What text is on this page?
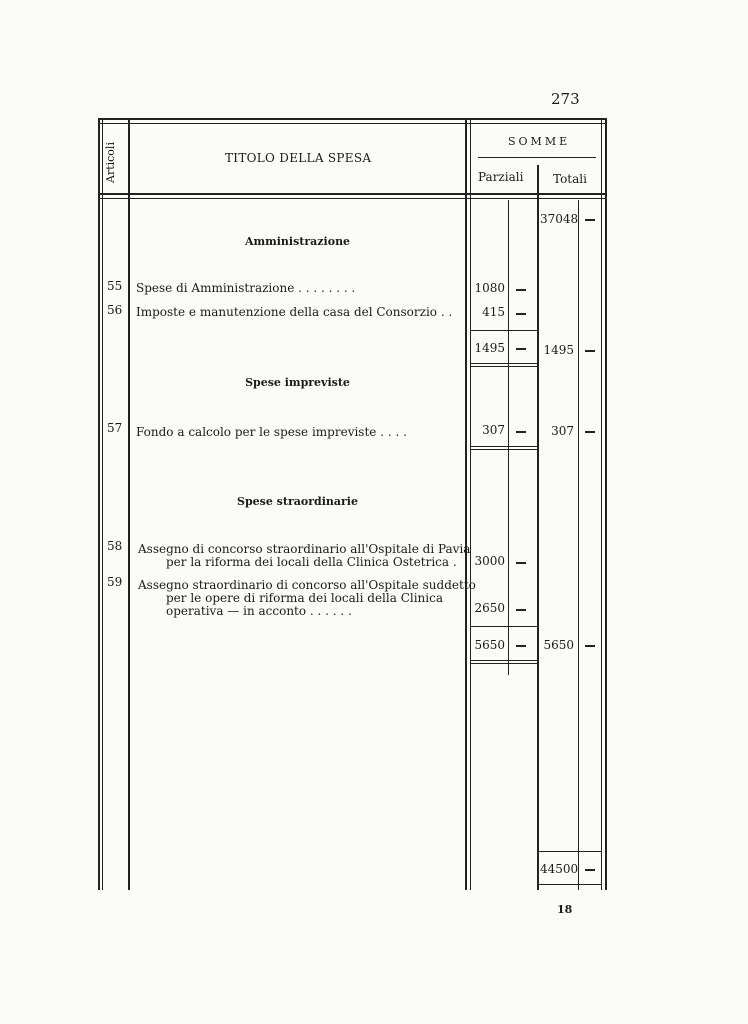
273
Articoli	TITOLO DELLA SPESA
SOMME
Parziali Totali
37048
Amministrazione
55 Spese di Amministrazione . . . . . . . .	1080
56 Imposte e manutenzione della casa del Consorzio . .	415
1495	1495
Spese impreviste
57 Fondo a calcolo per le spese impreviste . . . .	307	307
Spese straordinarie
58 Assegno di concorso straordinario all'Ospitale di Pavia
per la riforma dei locali della Clinica Ostetrica . 3000
59 Assegno straordinario di concorso all'Ospitale suddetto
per le opere di riforma dei locali della Clinica
operativa — in acconto . . . . . .	2650
5650	5650
44500
18
